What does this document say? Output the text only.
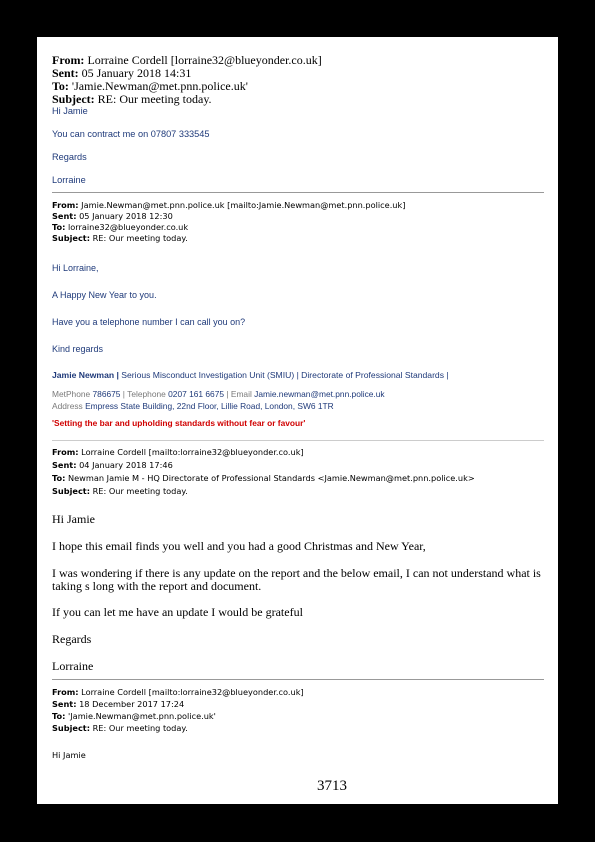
From: Lorraine Cordell [lorraine32@blueyonder.co.uk]
Sent: 05 January 2018 14:31
To: 'Jamie.Newman@met.pnn.police.uk'
Subject: RE: Our meeting today.
Hi Jamie
You can contract me on 07807 333545
Regards
Lorraine
From: Jamie.Newman@met.pnn.police.uk [mailto:Jamie.Newman@met.pnn.police.uk]
Sent: 05 January 2018 12:30
To: lorraine32@blueyonder.co.uk
Subject: RE: Our meeting today.
Hi Lorraine,
A Happy New Year to you.
Have you a telephone number I can call you on?
Kind regards
Jamie Newman | Serious Misconduct Investigation Unit (SMIU) | Directorate of Professional Standards |
MetPhone 786675 | Telephone 0207 161 6675 | Email Jamie.newman@met.pnn.police.uk
Address Empress State Building, 22nd Floor, Lillie Road, London, SW6 1TR
'Setting the bar and upholding standards without fear or favour'
From: Lorraine Cordell [mailto:lorraine32@blueyonder.co.uk]
Sent: 04 January 2018 17:46
To: Newman Jamie M - HQ Directorate of Professional Standards <Jamie.Newman@met.pnn.police.uk>
Subject: RE: Our meeting today.
Hi Jamie
I hope this email finds you well and you had a good Christmas and New Year,
I was wondering if there is any update on the report and the below email, I can not understand what is
taking s long with the report and document.
If you can let me have an update I would be grateful
Regards
Lorraine
From: Lorraine Cordell [mailto:lorraine32@blueyonder.co.uk]
Sent: 18 December 2017 17:24
To: 'Jamie.Newman@met.pnn.police.uk'
Subject: RE: Our meeting today.
Hi Jamie
3713
